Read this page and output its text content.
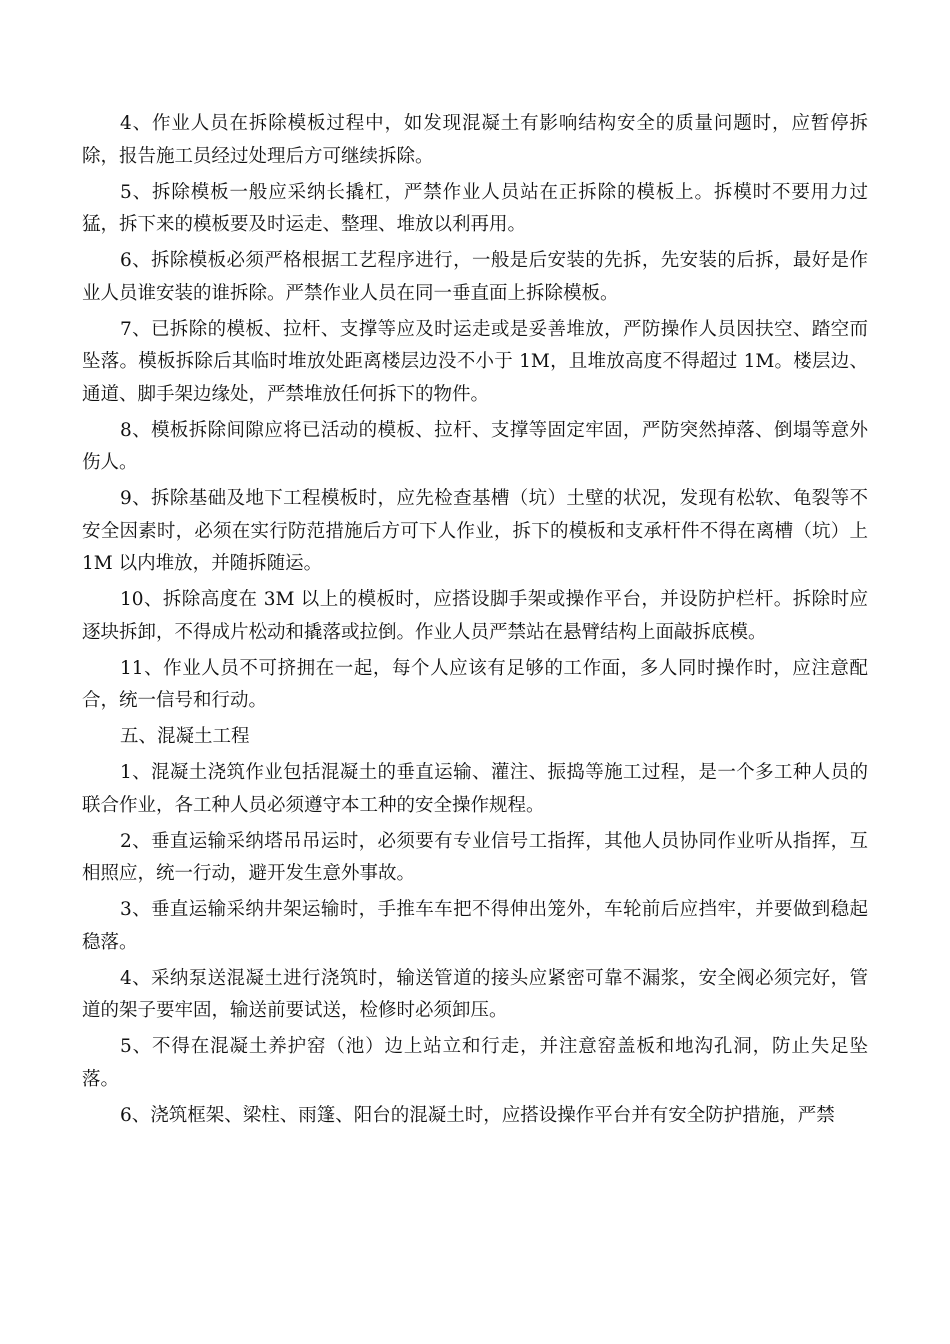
4、作业人员在拆除模板过程中，如发现混凝土有影响结构安全的质量问题时，应暂停拆除，报告施工员经过处理后方可继续拆除。

5、拆除模板一般应采纳长撬杠，严禁作业人员站在正拆除的模板上。拆模时不要用力过猛，拆下来的模板要及时运走、整理、堆放以利再用。

6、拆除模板必须严格根据工艺程序进行，一般是后安装的先拆，先安装的后拆，最好是作业人员谁安装的谁拆除。严禁作业人员在同一垂直面上拆除模板。

7、已拆除的模板、拉杆、支撑等应及时运走或是妥善堆放，严防操作人员因扶空、踏空而坠落。模板拆除后其临时堆放处距离楼层边没不小于 1M，且堆放高度不得超过 1M。楼层边、通道、脚手架边缘处，严禁堆放任何拆下的物件。

8、模板拆除间隙应将已活动的模板、拉杆、支撑等固定牢固，严防突然掉落、倒塌等意外伤人。

9、拆除基础及地下工程模板时，应先检查基槽（坑）土壁的状况，发现有松软、龟裂等不安全因素时，必须在实行防范措施后方可下人作业，拆下的模板和支承杆件不得在离槽（坑）上 1M 以内堆放，并随拆随运。

10、拆除高度在 3M 以上的模板时，应搭设脚手架或操作平台，并设防护栏杆。拆除时应逐块拆卸，不得成片松动和撬落或拉倒。作业人员严禁站在悬臂结构上面敲拆底模。

11、作业人员不可挤拥在一起，每个人应该有足够的工作面，多人同时操作时，应注意配合，统一信号和行动。

五、混凝土工程

1、混凝土浇筑作业包括混凝土的垂直运输、灌注、振捣等施工过程，是一个多工种人员的联合作业，各工种人员必须遵守本工种的安全操作规程。

2、垂直运输采纳塔吊吊运时，必须要有专业信号工指挥，其他人员协同作业听从指挥，互相照应，统一行动，避开发生意外事故。

3、垂直运输采纳井架运输时，手推车车把不得伸出笼外，车轮前后应挡牢，并要做到稳起稳落。

4、采纳泵送混凝土进行浇筑时，输送管道的接头应紧密可靠不漏浆，安全阀必须完好，管道的架子要牢固，输送前要试送，检修时必须卸压。

5、不得在混凝土养护窑（池）边上站立和行走，并注意窑盖板和地沟孔洞，防止失足坠落。

6、浇筑框架、梁柱、雨篷、阳台的混凝土时，应搭设操作平台并有安全防护措施，严禁
